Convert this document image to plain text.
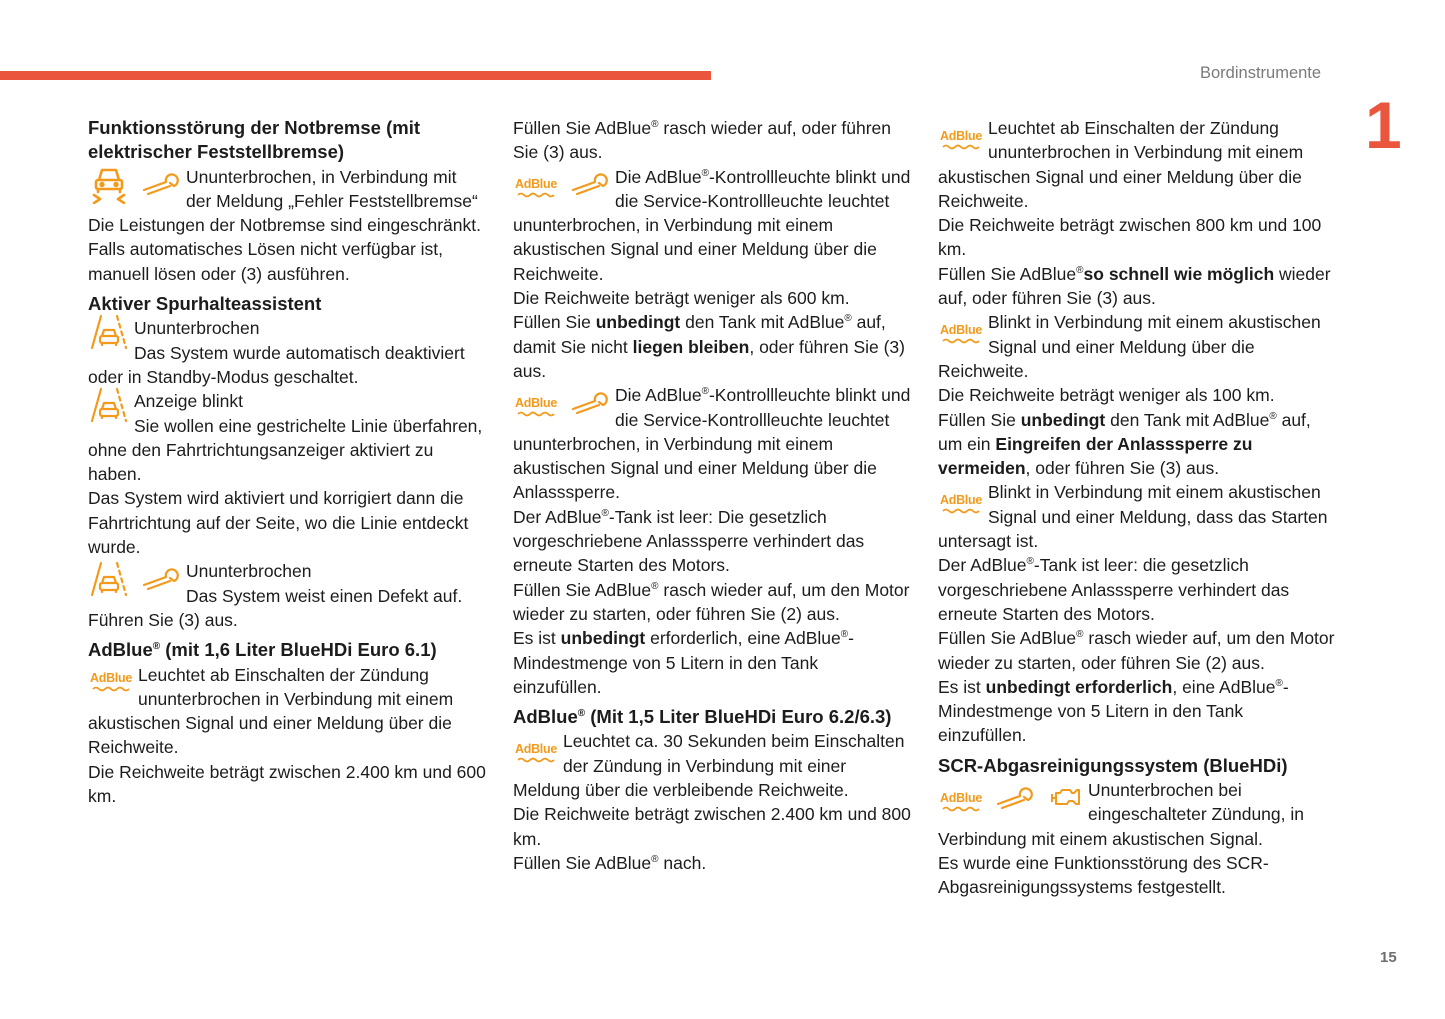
Bordinstrumente
1
15
Funktionsstörung der Notbremse (mit elektrischer Feststellbremse)

Ununterbrochen, in Verbindung mit der Meldung „Fehler Feststellbremse“

Die Leistungen der Notbremse sind eingeschränkt.

Falls automatisches Lösen nicht verfügbar ist, manuell lösen oder (3) ausführen.

Aktiver Spurhalteassistent

Ununterbrochen

Das System wurde automatisch deaktiviert oder in Standby-Modus geschaltet.

Anzeige blinkt

Sie wollen eine gestrichelte Linie überfahren, ohne den Fahrtrichtungsanzeiger aktiviert zu haben.

Das System wird aktiviert und korrigiert dann die Fahrtrichtung auf der Seite, wo die Linie entdeckt wurde.

Ununterbrochen

Das System weist einen Defekt auf.

Führen Sie (3) aus.

AdBlue® (mit 1,6 Liter BlueHDi Euro 6.1)
AdBlue Leuchtet ab Einschalten der Zündung ununterbrochen in Verbindung mit einem akustischen Signal und einer Meldung über die Reichweite.

Die Reichweite beträgt zwischen 2.400 km und 600 km.

Füllen Sie AdBlue® rasch wieder auf, oder führen Sie (3) aus.

AdBlue	Die AdBlue®-Kontrollleuchte blinkt und die Service-Kontrollleuchte leuchtet ununterbrochen, in Verbindung mit einem akustischen Signal und einer Meldung über die Reichweite.

Die Reichweite beträgt weniger als 600 km.

Füllen Sie unbedingt den Tank mit AdBlue® auf, damit Sie nicht liegen bleiben, oder führen Sie (3) aus.

AdBlue	Die AdBlue®-Kontrollleuchte blinkt und die Service-Kontrollleuchte leuchtet ununterbrochen, in Verbindung mit einem akustischen Signal und einer Meldung über die Anlasssperre.

Der AdBlue®-Tank ist leer: Die gesetzlich vorgeschriebene Anlasssperre verhindert das erneute Starten des Motors.

Füllen Sie AdBlue® rasch wieder auf, um den Motor wieder zu starten, oder führen Sie (2) aus.

Es ist unbedingt erforderlich, eine AdBlue®-Mindestmenge von 5 Litern in den Tank einzufüllen.

AdBlue® (Mit 1,5 Liter BlueHDi Euro 6.2/6.3)
AdBlue Leuchtet ca. 30 Sekunden beim Einschalten der Zündung in Verbindung mit einer Meldung über die verbleibende Reichweite.

Die Reichweite beträgt zwischen 2.400 km und 800 km.

Füllen Sie AdBlue® nach.

AdBlue Leuchtet ab Einschalten der Zündung ununterbrochen in Verbindung mit einem akustischen Signal und einer Meldung über die Reichweite.

Die Reichweite beträgt zwischen 800 km und 100 km.

Füllen Sie AdBlue®so schnell wie möglich wieder auf, oder führen Sie (3) aus.

AdBlue Blinkt in Verbindung mit einem akustischen Signal und einer Meldung über die Reichweite.

Die Reichweite beträgt weniger als 100 km.

Füllen Sie unbedingt den Tank mit AdBlue® auf, um ein Eingreifen der Anlasssperre zu vermeiden, oder führen Sie (3) aus.

AdBlue Blinkt in Verbindung mit einem akustischen Signal und einer Meldung, dass das Starten untersagt ist.

Der AdBlue®-Tank ist leer: die gesetzlich vorgeschriebene Anlasssperre verhindert das erneute Starten des Motors.

Füllen Sie AdBlue® rasch wieder auf, um den Motor wieder zu starten, oder führen Sie (2) aus.

Es ist unbedingt erforderlich, eine AdBlue®-Mindestmenge von 5 Litern in den Tank einzufüllen.

SCR-Abgasreinigungssystem (BlueHDi)
AdBlue	Ununterbrochen bei eingeschalteter Zündung, in Verbindung mit einem akustischen Signal.

Es wurde eine Funktionsstörung des SCR-Abgasreinigungssystems festgestellt.
